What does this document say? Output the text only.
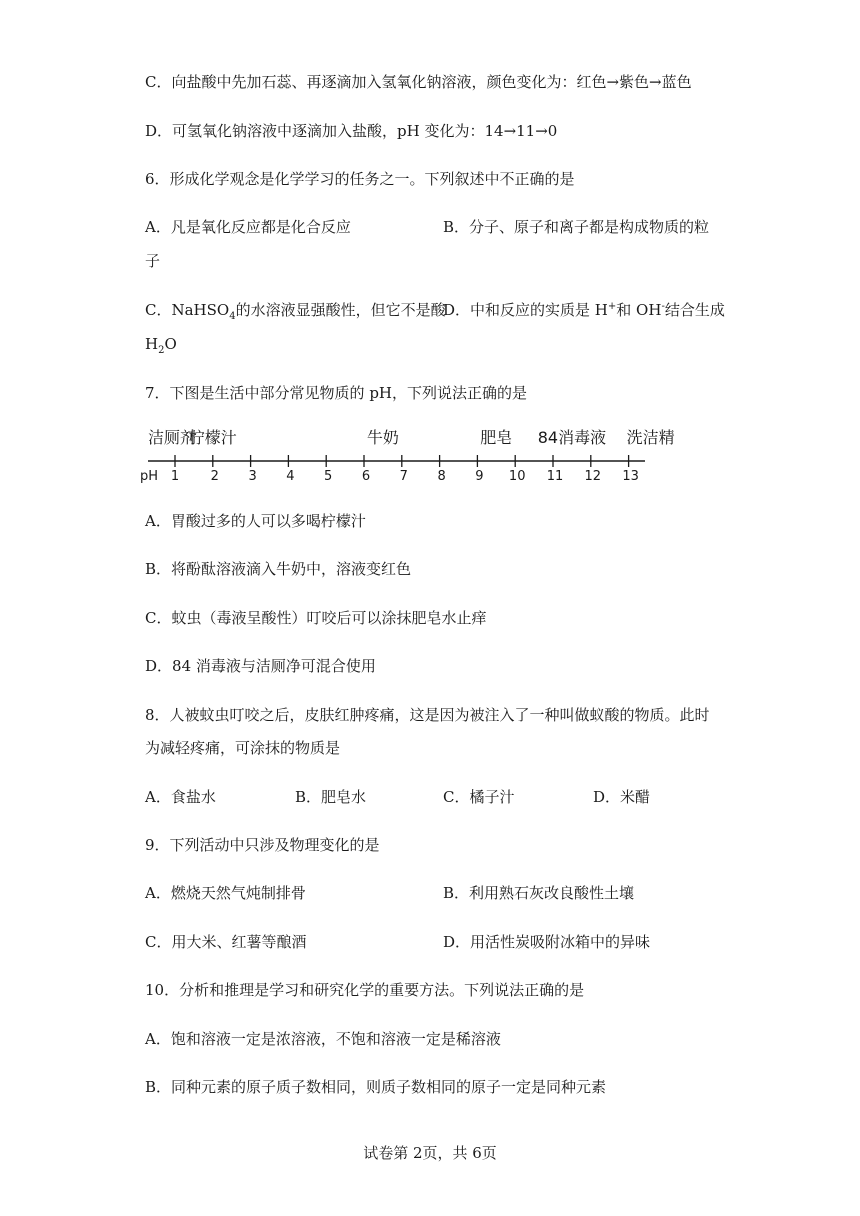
C．向盐酸中先加石蕊、再逐滴加入氢氧化钠溶液，颜色变化为：红色→紫色→蓝色
D．可氢氧化钠溶液中逐滴加入盐酸，pH 变化为：14→11→0
6．形成化学观念是化学学习的任务之一。下列叙述中不正确的是
A．凡是氧化反应都是化合反应	B．分子、原子和离子都是构成物质的粒
子
C．NaHSO$_4$的水溶液显强酸性，但它不是酸
D．中和反应的实质是 H+和 OH-结合生成
$H_2O$
7．下图是生活中部分常见物质的 pH，下列说法正确的是
pH 1 2 3 4 5 6 7 8 9 10 11 12 13
洁厕剂
柠檬汁	牛奶	肥皂 84消毒液 洗洁精
A．胃酸过多的人可以多喝柠檬汁
B．将酚酞溶液滴入牛奶中，溶液变红色
C．蚊虫（毒液呈酸性）叮咬后可以涂抹肥皂水止痒
D．84 消毒液与洁厕净可混合使用
8．人被蚊虫叮咬之后，皮肤红肿疼痛，这是因为被注入了一种叫做蚁酸的物质。此时
为减轻疼痛，可涂抹的物质是
A．食盐水	B．肥皂水	C．橘子汁	D．米醋
9．下列活动中只涉及物理变化的是
A．燃烧天然气炖制排骨	B．利用熟石灰改良酸性土壤
C．用大米、红薯等酿酒	D．用活性炭吸附冰箱中的异味
10．分析和推理是学习和研究化学的重要方法。下列说法正确的是
A．饱和溶液一定是浓溶液，不饱和溶液一定是稀溶液
B．同种元素的原子质子数相同，则质子数相同的原子一定是同种元素
试卷第 2页，共 6页
